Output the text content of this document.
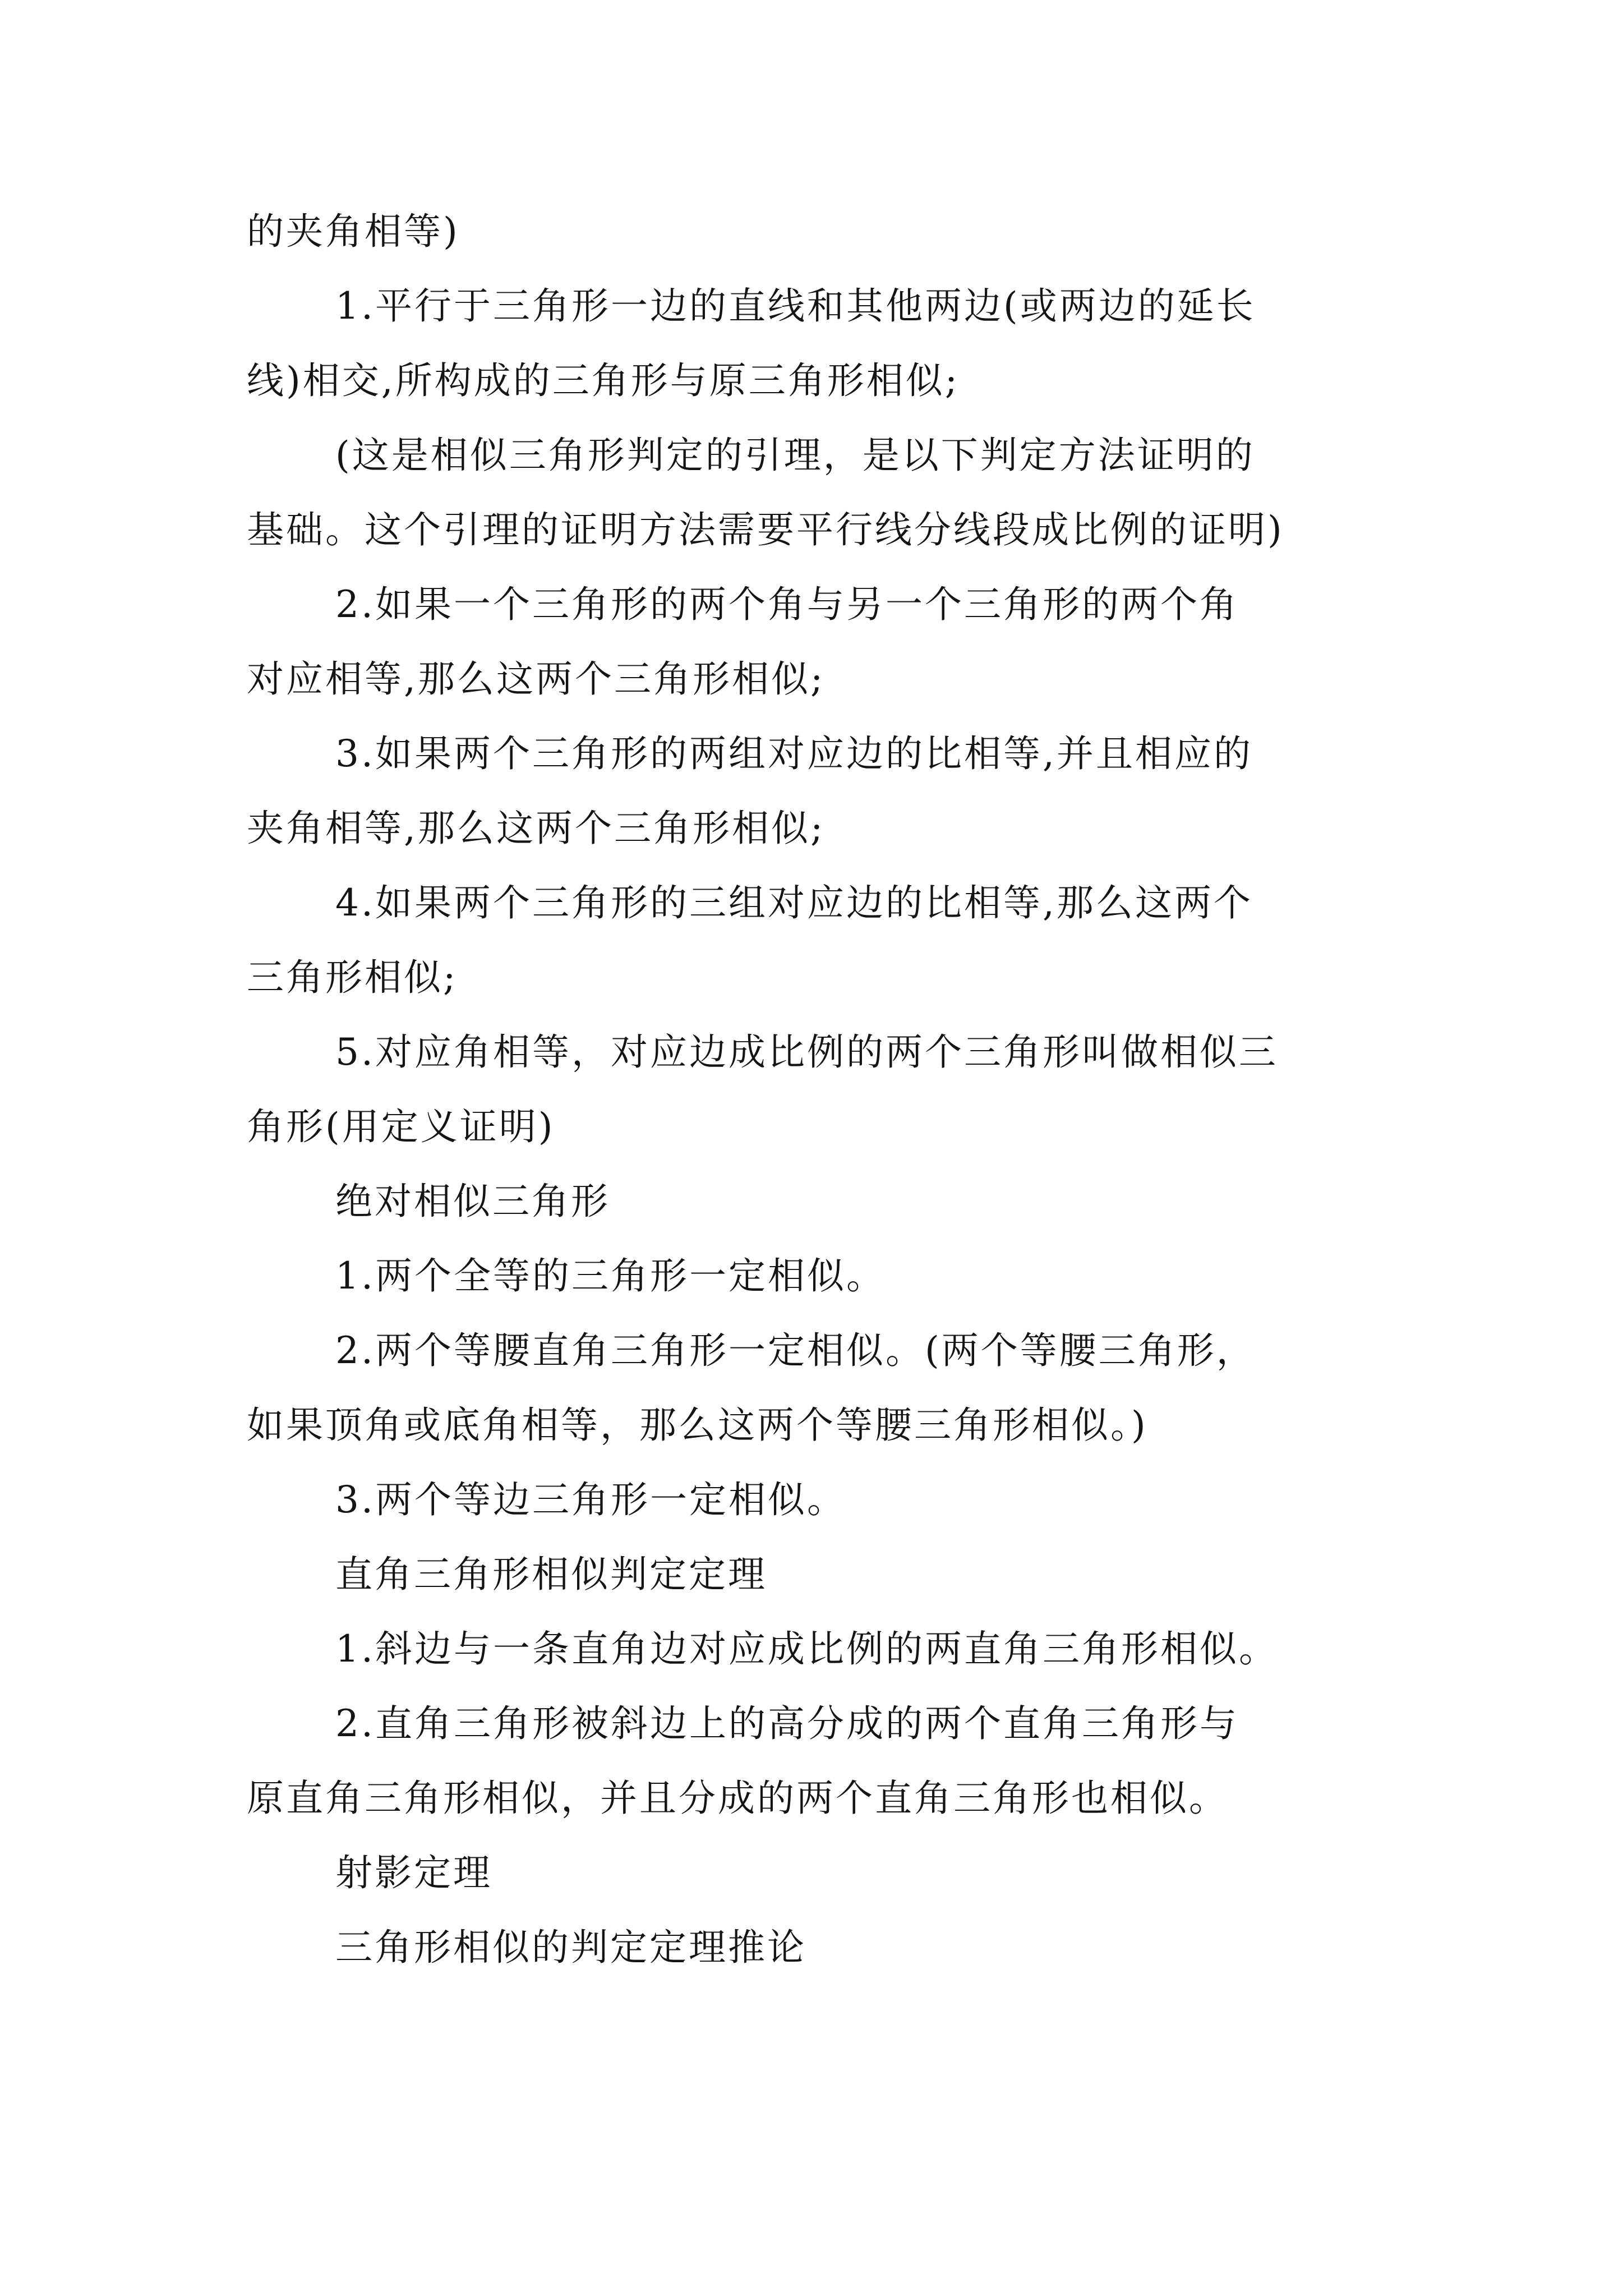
的夹角相等)
1.平行于三角形一边的直线和其他两边(或两边的延长
线)相交,所构成的三角形与原三角形相似;
(这是相似三角形判定的引理，是以下判定方法证明的
基础。这个引理的证明方法需要平行线分线段成比例的证明)
2.如果一个三角形的两个角与另一个三角形的两个角
对应相等,那么这两个三角形相似;
3.如果两个三角形的两组对应边的比相等,并且相应的
夹角相等,那么这两个三角形相似;
4.如果两个三角形的三组对应边的比相等,那么这两个
三角形相似;
5.对应角相等，对应边成比例的两个三角形叫做相似三
角形(用定义证明)
绝对相似三角形
1.两个全等的三角形一定相似。
2.两个等腰直角三角形一定相似。(两个等腰三角形，
如果顶角或底角相等，那么这两个等腰三角形相似。)
3.两个等边三角形一定相似。
直角三角形相似判定定理
1.斜边与一条直角边对应成比例的两直角三角形相似。
2.直角三角形被斜边上的高分成的两个直角三角形与
原直角三角形相似，并且分成的两个直角三角形也相似。
射影定理
三角形相似的判定定理推论
